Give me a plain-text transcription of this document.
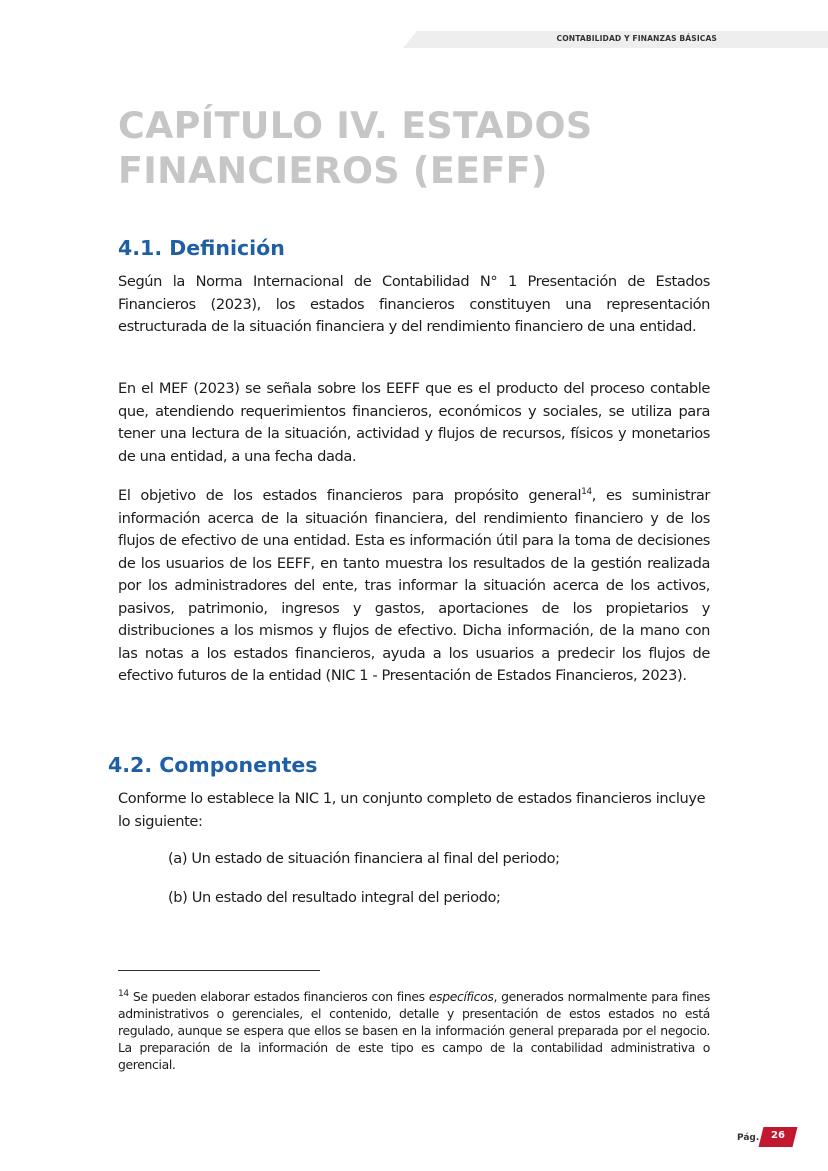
CONTABILIDAD Y FINANZAS BÁSICAS
CAPÍTULO IV. ESTADOS FINANCIEROS (EEFF)
4.1. Definición

Según la Norma Internacional de Contabilidad N° 1 Presentación de Estados Financieros (2023), los estados financieros constituyen una representación estructurada de la situación financiera y del rendimiento financiero de una entidad.

En el MEF (2023) se señala sobre los EEFF que es el producto del proceso contable que, atendiendo requerimientos financieros, económicos y sociales, se utiliza para tener una lectura de la situación, actividad y flujos de recursos, físicos y monetarios de una entidad, a una fecha dada.

El objetivo de los estados financieros para propósito general$^{14}$, es suministrar información acerca de la situación financiera, del rendimiento financiero y de los flujos de efectivo de una entidad. Esta es información útil para la toma de decisiones de los usuarios de los EEFF, en tanto muestra los resultados de la gestión realizada por los administradores del ente, tras informar la situación acerca de los activos, pasivos, patrimonio, ingresos y gastos, aportaciones de los propietarios y distribuciones a los mismos y flujos de efectivo. Dicha información, de la mano con las notas a los estados financieros, ayuda a los usuarios a predecir los flujos de efectivo futuros de la entidad (NIC 1 - Presentación de Estados Financieros, 2023).

4.2. Componentes

Conforme lo establece la NIC 1, un conjunto completo de estados financieros incluye lo siguiente:

(a) Un estado de situación financiera al final del periodo;

(b) Un estado del resultado integral del periodo;

$^{14}$ Se pueden elaborar estados financieros con fines específicos, generados normalmente para fines administrativos o gerenciales, el contenido, detalle y presentación de estos estados no está regulado, aunque se espera que ellos se basen en la información general preparada por el negocio. La preparación de la información de este tipo es campo de la contabilidad administrativa o gerencial.

Pág.	26
